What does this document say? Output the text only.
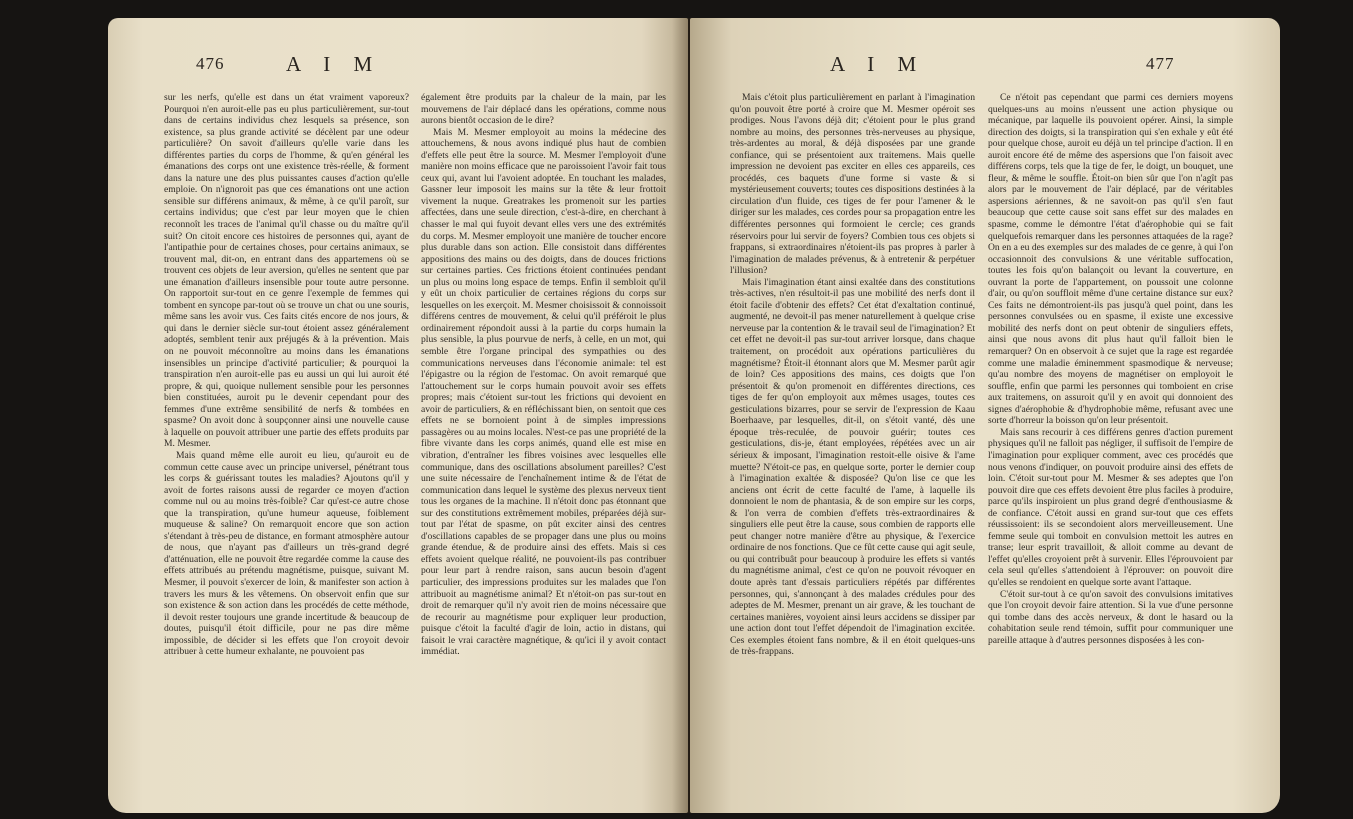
476	A I M

sur les nerfs, qu'elle est dans un état vraiment vaporeux? Pourquoi n'en auroit-elle pas eu plus particulièrement, sur-tout dans de certains individus chez lesquels sa présence, son existence, sa plus grande activité se décèlent par une odeur particulière? On savoit d'ailleurs qu'elle varie dans les différentes parties du corps de l'homme, & qu'en général les émanations des corps ont une existence très-réelle, & forment dans la nature une des plus puissantes causes d'action qu'elle emploie. On n'ignoroit pas que ces émanations ont une action sensible sur différens animaux, & même, à ce qu'il paroît, sur certains individus; que c'est par leur moyen que le chien reconnoît les traces de l'animal qu'il chasse ou du maître qu'il suit? On citoit encore ces histoires de personnes qui, ayant de l'antipathie pour de certaines choses, pour certains animaux, se trouvent mal, dit-on, en entrant dans des appartemens où se trouvent ces objets de leur aversion, qu'elles ne sentent que par une émanation d'ailleurs insensible pour toute autre personne. On rapportoit sur-tout en ce genre l'exemple de femmes qui tombent en syncope par-tout où se trouve un chat ou une souris, même sans les avoir vus. Ces faits cités encore de nos jours, & qui dans le dernier siècle sur-tout étoient assez généralement adoptés, semblent tenir aux préjugés & à la prévention. Mais on ne pouvoit méconnoître au moins dans les émanations insensibles un principe d'activité particulier; & pourquoi la transpiration n'en auroit-elle pas eu aussi un qui lui auroit été propre, & qui, quoique nullement sensible pour les personnes bien constituées, auroit pu le devenir cependant pour des femmes d'une extrême sensibilité de nerfs & tombées en spasme? On avoit donc à soupçonner ainsi une nouvelle cause à laquelle on pouvoit attribuer une partie des effets produits par M. Mesmer.

Mais quand même elle auroit eu lieu, qu'auroit eu de commun cette cause avec un principe universel, pénétrant tous les corps & guérissant toutes les maladies? Ajoutons qu'il y avoit de fortes raisons aussi de regarder ce moyen d'action comme nul ou au moins très-foible? Car qu'est-ce autre chose que la transpiration, qu'une humeur aqueuse, foiblement muqueuse & saline? On remarquoit encore que son action s'étendant à très-peu de distance, en formant atmosphère autour de nous, que n'ayant pas d'ailleurs un très-grand degré d'atténuation, elle ne pouvoit être regardée comme la cause des effets attribués au prétendu magnétisme, puisque, suivant M. Mesmer, il pouvoit s'exercer de loin, & manifester son action à travers les murs & les vêtemens. On observoit enfin que sur son existence & son action dans les procédés de cette méthode, il devoit rester toujours une grande incertitude & beaucoup de doutes, puisqu'il étoit difficile, pour ne pas dire même impossible, de décider si les effets que l'on croyoit devoir attribuer à cette humeur exhalante, ne pouvoient pas

également être produits par la chaleur de la main, par les mouvemens de l'air déplacé dans les opérations, comme nous aurons bientôt occasion de le dire?

Mais M. Mesmer employoit au moins la médecine des attouchemens, & nous avons indiqué plus haut de combien d'effets elle peut être la source. M. Mesmer l'employoit d'une manière non moins efficace que ne paroissoient l'avoir fait tous ceux qui, avant lui l'avoient adoptée. En touchant les malades, Gassner leur imposoit les mains sur la tête & leur frottoit vivement la nuque. Greatrakes les promenoit sur les parties affectées, dans une seule direction, c'est-à-dire, en cherchant à chasser le mal qui fuyoit devant elles vers une des extrémités du corps. M. Mesmer employoit une manière de toucher encore plus durable dans son action. Elle consistoit dans différentes appositions des mains ou des doigts, dans de douces frictions sur certaines parties. Ces frictions étoient continuées pendant un plus ou moins long espace de temps. Enfin il sembloit qu'il y eût un choix particulier de certaines régions du corps sur lesquelles on les exerçoit. M. Mesmer choisissoit & connoissoit différens centres de mouvement, & celui qu'il préféroit le plus ordinairement répondoit aussi à la partie du corps humain la plus sensible, la plus pourvue de nerfs, à celle, en un mot, qui semble être l'organe principal des sympathies ou des communications nerveuses dans l'économie animale: tel est l'épigastre ou la région de l'estomac. On avoit remarqué que l'attouchement sur le corps humain pouvoit avoir ses effets propres; mais c'étoient sur-tout les frictions qui devoient en avoir de particuliers, & en réfléchissant bien, on sentoit que ces effets ne se bornoient point à de simples impressions passagères ou au moins locales. N'est-ce pas une propriété de la fibre vivante dans les corps animés, quand elle est mise en vibration, d'entraîner les fibres voisines avec lesquelles elle communique, dans des oscillations absolument pareilles? C'est une suite nécessaire de l'enchaînement intime & de l'état de communication dans lequel le système des plexus nerveux tient tous les organes de la machine. Il n'étoit donc pas étonnant que sur des constitutions extrêmement mobiles, préparées déjà sur-tout par l'état de spasme, on pût exciter ainsi des centres d'oscillations capables de se propager dans une plus ou moins grande étendue, & de produire ainsi des effets. Mais si ces effets avoient quelque réalité, ne pouvoient-ils pas contribuer pour leur part à rendre raison, sans aucun besoin d'agent particulier, des impressions produites sur les malades que l'on attribuoit au magnétisme animal? Et n'étoit-on pas sur-tout en droit de remarquer qu'il n'y avoit rien de moins nécessaire que de recourir au magnétisme pour expliquer leur production, puisque c'étoit la faculté d'agir de loin, actio in distans, qui faisoit le vrai caractère magnétique, & qu'ici il y avoit contact immédiat.

A I M	477

Mais c'étoit plus particulièrement en parlant à l'imagination qu'on pouvoit être porté à croire que M. Mesmer opéroit ses prodiges. Nous l'avons déjà dit; c'étoient pour le plus grand nombre au moins, des personnes très-nerveuses au physique, très-ardentes au moral, & déjà disposées par une grande confiance, qui se présentoient aux traitemens. Mais quelle impression ne devoient pas exciter en elles ces appareils, ces procédés, ces baquets d'une forme si vaste & si mystérieusement couverts; toutes ces dispositions destinées à la circulation d'un fluide, ces tiges de fer pour l'amener & le diriger sur les malades, ces cordes pour sa propagation entre les différentes personnes qui formoient le cercle; ces grands réservoirs pour lui servir de foyers? Combien tous ces objets si frappans, si extraordinaires n'étoient-ils pas propres à parler à l'imagination de malades prévenus, & à entretenir & perpétuer l'illusion?

Mais l'imagination étant ainsi exaltée dans des constitutions très-actives, n'en résultoit-il pas une mobilité des nerfs dont il étoit facile d'obtenir des effets? Cet état d'exaltation continué, augmenté, ne devoit-il pas mener naturellement à quelque crise nerveuse par la contention & le travail seul de l'imagination? Et cet effet ne devoit-il pas sur-tout arriver lorsque, dans chaque traitement, on procédoit aux opérations particulières du magnétisme? Étoit-il étonnant alors que M. Mesmer parût agir de loin? Ces appositions des mains, ces doigts que l'on présentoit & qu'on promenoit en différentes directions, ces tiges de fer qu'on employoit aux mêmes usages, toutes ces gesticulations bizarres, pour se servir de l'expression de Kaau Boerhaave, par lesquelles, dit-il, on s'étoit vanté, dès une époque très-reculée, de pouvoir guérir; toutes ces gesticulations, dis-je, étant employées, répétées avec un air sérieux & imposant, l'imagination restoit-elle oisive & l'ame muette? N'étoit-ce pas, en quelque sorte, porter le dernier coup à l'imagination exaltée & disposée? Qu'on lise ce que les anciens ont écrit de cette faculté de l'ame, à laquelle ils donnoient le nom de phantasia, & de son empire sur les corps, & l'on verra de combien d'effets très-extraordinaires & singuliers elle peut être la cause, sous combien de rapports elle peut changer notre manière d'être au physique, & l'exercice ordinaire de nos fonctions. Que ce fût cette cause qui agit seule, ou qui contribuât pour beaucoup à produire les effets si vantés du magnétisme animal, c'est ce qu'on ne pouvoit révoquer en doute après tant d'essais particuliers répétés par différentes personnes, qui, s'annonçant à des malades crédules pour des adeptes de M. Mesmer, prenant un air grave, & les touchant de certaines manières, voyoient ainsi leurs accidens se dissiper par une action dont tout l'effet dépendoit de l'imagination excitée. Ces exemples étoient fans nombre, & il en étoit quelques-uns de très-frappans.

Ce n'étoit pas cependant que parmi ces derniers moyens quelques-uns au moins n'eussent une action physique ou mécanique, par laquelle ils pouvoient opérer. Ainsi, la simple direction des doigts, si la transpiration qui s'en exhale y eût été pour quelque chose, auroit eu déjà un tel principe d'action. Il en auroit encore été de même des aspersions que l'on faisoit avec différens corps, tels que la tige de fer, le doigt, un bouquet, une fleur, & même le souffle. Étoit-on bien sûr que l'on n'agît pas alors par le mouvement de l'air déplacé, par de véritables aspersions aériennes, & ne savoit-on pas qu'il s'en faut beaucoup que cette cause soit sans effet sur des malades en spasme, comme le démontre l'état d'aérophobie qui se fait quelquefois remarquer dans les personnes attaquées de la rage? On en a eu des exemples sur des malades de ce genre, à qui l'on occasionnoit des convulsions & une véritable suffocation, toutes les fois qu'on balançoit ou levant la couverture, en ouvrant la porte de l'appartement, on poussoit une colonne d'air, ou qu'on souffloit même d'une certaine distance sur eux? Ces faits ne démontroient-ils pas jusqu'à quel point, dans les personnes convulsées ou en spasme, il existe une excessive mobilité des nerfs dont on peut obtenir de singuliers effets, ainsi que nous avons dit plus haut qu'il falloit bien le remarquer? On en observoit à ce sujet que la rage est regardée comme une maladie éminemment spasmodique & nerveuse; qu'au nombre des moyens de magnétiser on employoit le souffle, enfin que parmi les personnes qui tomboient en crise aux traitemens, on assuroit qu'il y en avoit qui donnoient des signes d'aérophobie & d'hydrophobie même, refusant avec une sorte d'horreur la boisson qu'on leur présentoit.

Mais sans recourir à ces différens genres d'action purement physiques qu'il ne falloit pas négliger, il suffisoit de l'empire de l'imagination pour expliquer comment, avec ces procédés que nous venons d'indiquer, on pouvoit produire ainsi des effets de loin. C'étoit sur-tout pour M. Mesmer & ses adeptes que l'on pouvoit dire que ces effets devoient être plus faciles à produire, parce qu'ils inspiroient un plus grand degré d'enthousiasme & de confiance. C'étoit aussi en grand sur-tout que ces effets réussissoient: ils se secondoient alors merveilleusement. Une femme seule qui tomboit en convulsion mettoit les autres en transe; leur esprit travailloit, & alloit comme au devant de l'effet qu'elles croyoient prêt à survenir. Elles l'éprouvoient par cela seul qu'elles s'attendoient à l'éprouver: on pouvoit dire qu'elles se rendoient en quelque sorte avant l'attaque.

C'étoit sur-tout à ce qu'on savoit des convulsions imitatives que l'on croyoit devoir faire attention. Si la vue d'une personne qui tombe dans des accès nerveux, & dont le hasard ou la cohabitation seule rend témoin, suffit pour communiquer une pareille attaque à d'autres personnes disposées à les con-
